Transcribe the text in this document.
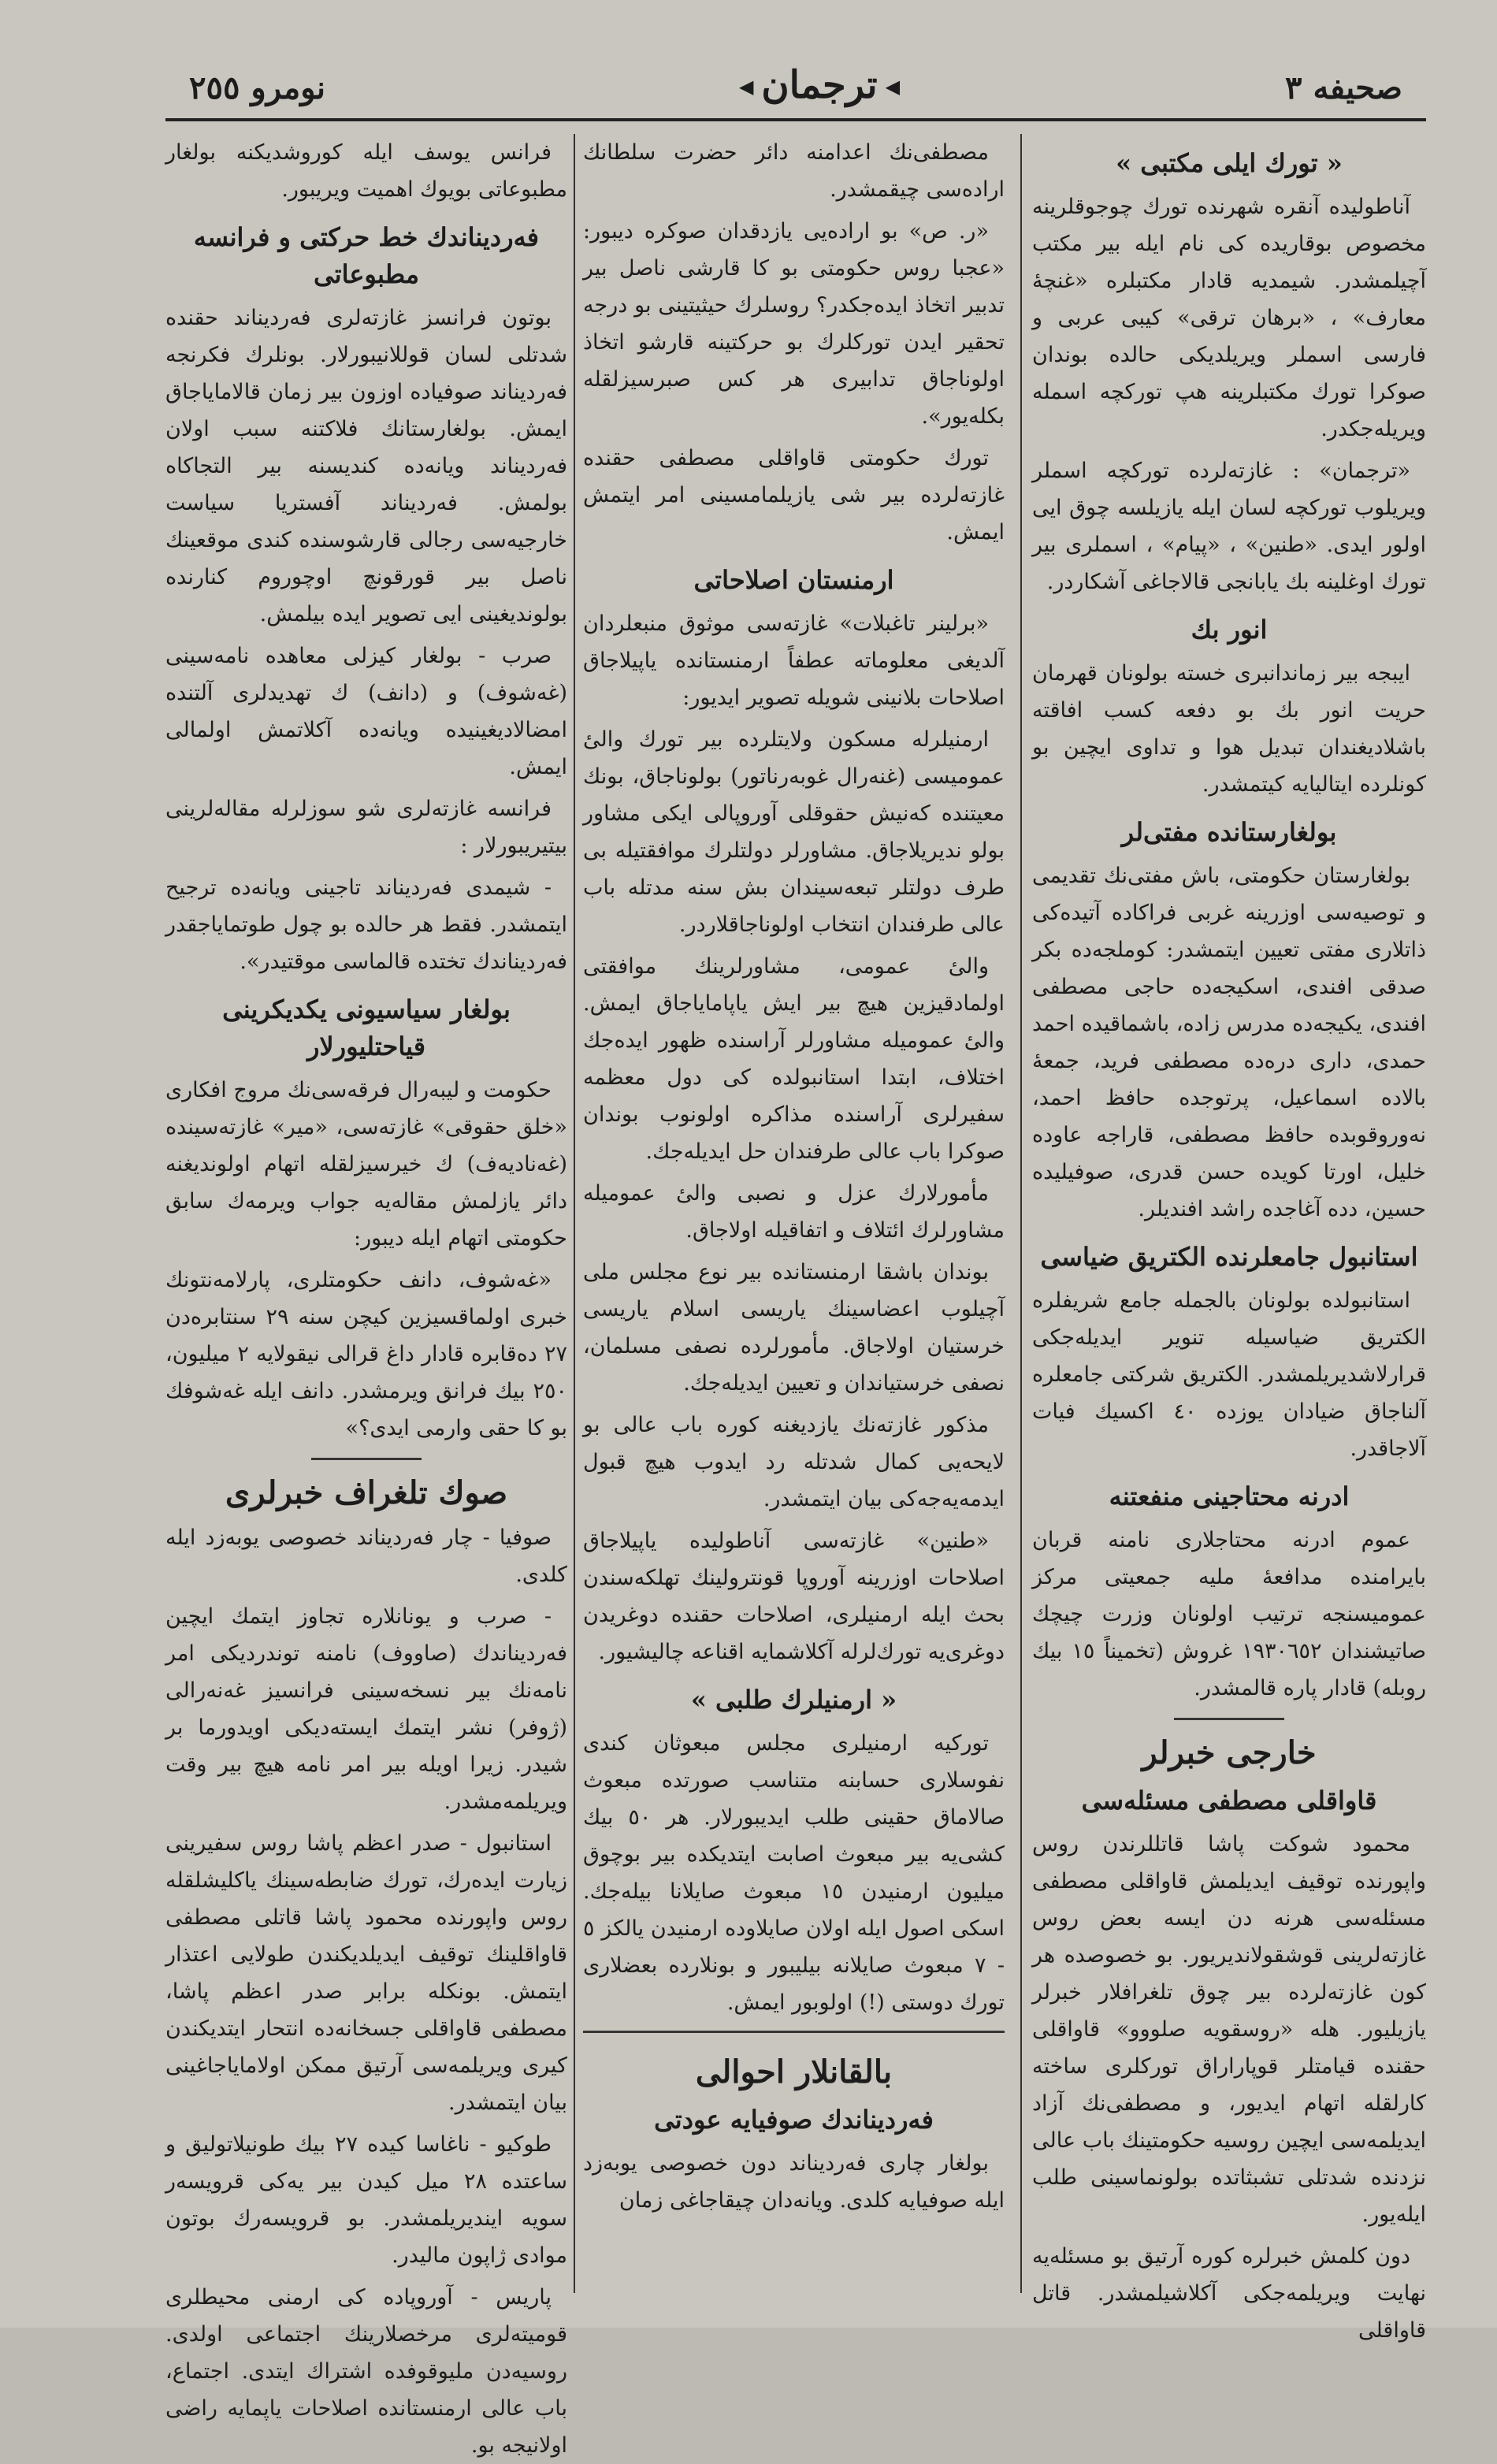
نومرو ٢٥٥
◀	ترجمان ◀	صحیفه ۳
« تورك ایلی مكتبی »

آناطولیده آنقره شهرنده تورك چوجوقلرینه مخصوص بوقاریده کی نام ایله بیر مكتب آچیلمشدر. شیمدیه قادار مكتبلره «غنچهٔ معارف» ، «برهان ترقی» كیبی عربی و فارسی اسملر ویریلدیکی حالده بوندان صوكرا تورك مكتبلرینه هپ تورکچه اسمله ویریله‌جكدر.

«ترجمان» : غازته‌لرده تورکچه اسملر ویریلوب تورکچه لسان ایله یازیلسه چوق ایی اولور ایدی. «طنین» ، «پیام» ، اسملری بیر تورك اوغلینه بك یابانجی قالاجاغی آشكاردر.

انور بك

ایبجه بیر زماندانبری خسته بولونان قهرمان حریت انور بك بو دفعه كسب افاقته باشلادیغندان تبدیل هوا و تداوی ایچین بو كونلرده ایتالیایه كیتمشدر.

بولغارستانده مفتی‌لر

بولغارستان حكومتی، باش مفتی‌نك تقدیمی و توصیه‌سی اوزرینه غربی فراكاده آتیده‌كی ذاتلاری مفتی تعیین ایتمشدر: كوملجه‌ده بكر صدقی افندی، اسكیجه‌ده حاجی مصطفی افندی، یكیجه‌ده مدرس زاده، باشماقیده احمد حمدی، داری دره‌ده مصطفی فرید، جمعهٔ بالاده اسماعیل، پرتوجده حافظ احمد، نه‌وروقوبده حافظ مصطفی، قاراجه عاوده خلیل، اورتا كویده حسن قدری، صوفیلیده حسین، دده آغاجده راشد افندیلر.

استانبول جامعلرنده الكتریق ضیاسی

استانبولده بولونان بالجمله جامع شریفلره الكتریق ضیاسیله تنویر ایدیله‌جكی قرارلاشدیریلمشدر. الكتریق شركتی جامعلره آلناجاق ضیادان یوزده ٤٠ اكسیك فیات آلاجاقدر.

ادرنه محتاجینی منفعتنه

عموم ادرنه محتاجلاری نامنه قربان بایرامنده مدافعهٔ ملیه جمعیتی مركز عمومیسنجه ترتیب اولونان وزرت چیچك صاتیشندان ١٩٣٠٦٥٢ غروش (تخمیناً ١٥ بیك روبله) قادار پاره قالمشدر.

خارجی خبرلر
قاواقلی مصطفی مسئله‌سی

محمود شوكت پاشا قاتللرندن روس واپورنده توقیف ایدیلمش قاواقلی مصطفی مسئله‌سی هرنه دن ایسه بعض روس غازته‌لرینی قوشقولاندیریور. بو خصوصده هر كون غازته‌لرده بیر چوق تلغرافلار خبرلر یازیلیور. هله «روسقویه صلووو» قاواقلی حقنده قیامتلر قوپاراراق تورکلری ساخته كارلقله اتهام ایدیور، و مصطفی‌نك آزاد ایدیلمه‌سی ایچین روسیه حكومتینك باب عالی نزدنده شدتلی تشبثاتده بولونماسینی طلب ایله‌یور.

دون كلمش خبرلره كوره آرتیق بو مسئله‌یه نهایت ویریلمه‌جكی آكلاشیلمشدر. قاتل قاواقلی

مصطفی‌نك اعدامنه دائر حضرت سلطانك اراده‌سی چیقمشدر.

«ر. ص» بو اراده‌یی یازدقدان صوكره دیبور: «عجبا روس حكومتی بو كا قارشی ناصل بیر تدبیر اتخاذ ایده‌جكدر؟ روسلرك حیثیتینی بو درجه تحقیر ایدن تورکلرك بو حركتینه قارشو اتخاذ اولوناجاق تدابیری هر كس صبرسیزلقله بكله‌یور».

تورك حكومتی قاواقلی مصطفی حقنده غازته‌لرده بیر شی یازیلمامسینی امر ایتمش ایمش.

ارمنستان اصلاحاتی

«برلینر تاغبلات» غازته‌سی موثوق منبعلردان آلدیغی معلوماته عطفاً ارمنستانده یاپیلاجاق اصلاحات بلانینی شویله تصویر ایدیور:

ارمنیلرله مسكون ولایتلرده بیر تورك والیٔ عمومیسی (غنه‌رال غوبه‌رناتور) بولوناجاق، بونك معیتنده كه‌نیش حقوقلی آوروپالی ایكی مشاور بولو ندیریلاجاق. مشاورلر دولتلرك موافقتیله بی طرف دولتلر تبعه‌سیندان بش سنه مدتله باب عالی طرفندان انتخاب اولوناجاقلاردر.

والیٔ عمومی، مشاورلرینك موافقتی اولمادقیزین هیچ بیر ایش یاپامایاجاق ایمش. والیٔ عمومیله مشاورلر آراسنده ظهور ایده‌جك اختلاف، ابتدا استانبولده كی دول معظمه سفیرلری آراسنده مذاكره اولونوب بوندان صوكرا باب عالی طرفندان حل ایدیله‌جك.

مأمورلارك عزل و نصبی والیٔ عمومیله مشاورلرك ائتلاف و اتفاقیله اولاجاق.

بوندان باشقا ارمنستانده بیر نوع مجلس ملی آچیلوب اعضاسینك یاریسی اسلام یاریسی خرستیان اولاجاق. مأمورلرده نصفی مسلمان، نصفی خرستیاندان و تعیین ایدیله‌جك.

مذكور غازته‌نك یازدیغنه كوره باب عالی بو لایحه‌یی كمال شدتله رد ایدوب هیچ قبول ایدمه‌یه‌جه‌كی بیان ایتمشدر.

«طنین» غازته‌سی آناطولیده یاپیلاجاق اصلاحات اوزرینه آوروپا قونترولینك تهلكه‌سندن بحث ایله ارمنیلری، اصلاحات حقنده دوغریدن دوغری‌یه تورك‌لرله آكلاشمایه اقناعه چالیشیور.

« ارمنیلرك طلبی »

تورکیه ارمنیلری مجلس مبعوثان كندی نفوسلاری حسابنه متناسب صورتده مبعوث صالاماق حقینی طلب ایدیبورلار. هر ٥٠ بیك كشی‌یه بیر مبعوث اصابت ایتدیكده بیر بوچوق میلیون ارمنیدن ١٥ مبعوث صایلانا بیله‌جك. اسكی اصول ایله اولان صایلاوده ارمنیدن یالكز ٥ - ٧ مبعوث صایلانه بیلیبور و بونلارده بعضلاری تورك دوستی (!) اولوبور ایمش.

بالقانلار احوالی
فه‌ردیناندك صوفیایه عودتی

بولغار چاری فه‌ردیناند دون خصوصی یوبه‌زد ایله صوفیایه كلدی. ویانه‌دان چیقاجاغی زمان

فرانس یوسف ایله كوروشدیكنه بولغار مطبوعاتی بویوك اهمیت ویریبور.

فه‌ردیناندك خط حركتی و فرانسه مطبوعاتی

بوتون فرانسز غازته‌لری فه‌ردیناند حقنده شدتلی لسان قوللانیبورلار. بونلرك فكرنجه فه‌ردیناند صوفیاده اوزون بیر زمان قالامایاجاق ایمش. بولغارستانك فلاكتنه سبب اولان فه‌ردیناند ویانه‌ده كندیسنه بیر التجاكاه بولمش. فه‌ردیناند آفستریا سیاست خارجیه‌سی رجالی قارشوسنده كندی موقعینك ناصل بیر قورقونچ اوچوروم كنارنده بولوندیغینی ایی تصویر ایده بیلمش.

صرب - بولغار كیزلی معاهده نامه‌سینی (غه‌شوف) و (دانف) ك تهدیدلری آلتنده امضالادیغینیده ویانه‌ده آكلاتمش اولمالی ایمش.

فرانسه غازته‌لری شو سوزلرله مقاله‌لرینی بیتیریبورلار :

- شیمدی فه‌ردیناند تاجینی ویانه‌ده ترجیح ایتمشدر. فقط هر حالده بو چول طوتمایاجقدر فه‌ردیناندك تختده قالماسی موقتیدر».

بولغار سیاسیونی یكدیكرینی قیاحتلیورلار

حكومت و لیبه‌رال فرقه‌سی‌نك مروج افكاری «خلق حقوقی» غازته‌سی، «میر» غازته‌سینده (غه‌نادیه‌ف) ك خیرسیزلقله اتهام اولوندیغنه دائر یازلمش مقاله‌یه جواب ویرمه‌ك سابق حكومتی اتهام ایله دیبور:

«غه‌شوف، دانف حكومتلری، پارلامه‌نتونك خبری اولماقسیزین كیچن سنه ٢٩ سنتابره‌دن ٢٧ ده‌قابره قادار داغ قرالی نیقولایه ٢ میلیون، ٢٥٠ بیك فرانق ویرمشدر. دانف ایله غه‌شوفك بو كا حقی وارمی ایدی؟»

صوك تلغراف خبرلری

صوفیا - چار فه‌ردیناند خصوصی یوبه‌زد ایله كلدی.

- صرب و یونانلاره تجاوز ایتمك ایچین فه‌ردیناندك (صاووف) نامنه توندردیكی امر نامه‌نك بیر نسخه‌سینی فرانسیز غه‌نه‌رالی (ژوفر) نشر ایتمك ایسته‌دیكی اویدورما بر شیدر. زیرا اویله بیر امر نامه هیچ بیر وقت ویریلمه‌مشدر.

استانبول - صدر اعظم پاشا روس سفیرینی زیارت ایده‌رك، تورك ضابطه‌سینك یاكلیشلقله روس واپورنده محمود پاشا قاتلی مصطفی قاواقلینك توقیف ایدیلدیكندن طولایی اعتذار ایتمش. بونكله برابر صدر اعظم پاشا، مصطفی قاواقلی جسخانه‌ده انتحار ایتدیكندن كیری ویریلمه‌سی آرتیق ممكن اولامایاجاغینی بیان ایتمشدر.

طوكیو - ناغاسا كیده ٢٧ بیك طونیلاتولیق و ساعتده ٢٨ میل كیدن بیر یه‌كی قرویسه‌ر سویه ایندیریلمشدر. بو قرویسه‌رك بوتون موادی ژاپون مالیدر.

پاریس - آوروپاده كی ارمنی محیطلری قومیته‌لری مرخصلارینك اجتماعی اولدی. روسیه‌دن ملیوقوفده اشتراك ایتدی. اجتماع، باب عالی ارمنستانده اصلاحات یاپمایه راضی اولانیجه بو.
